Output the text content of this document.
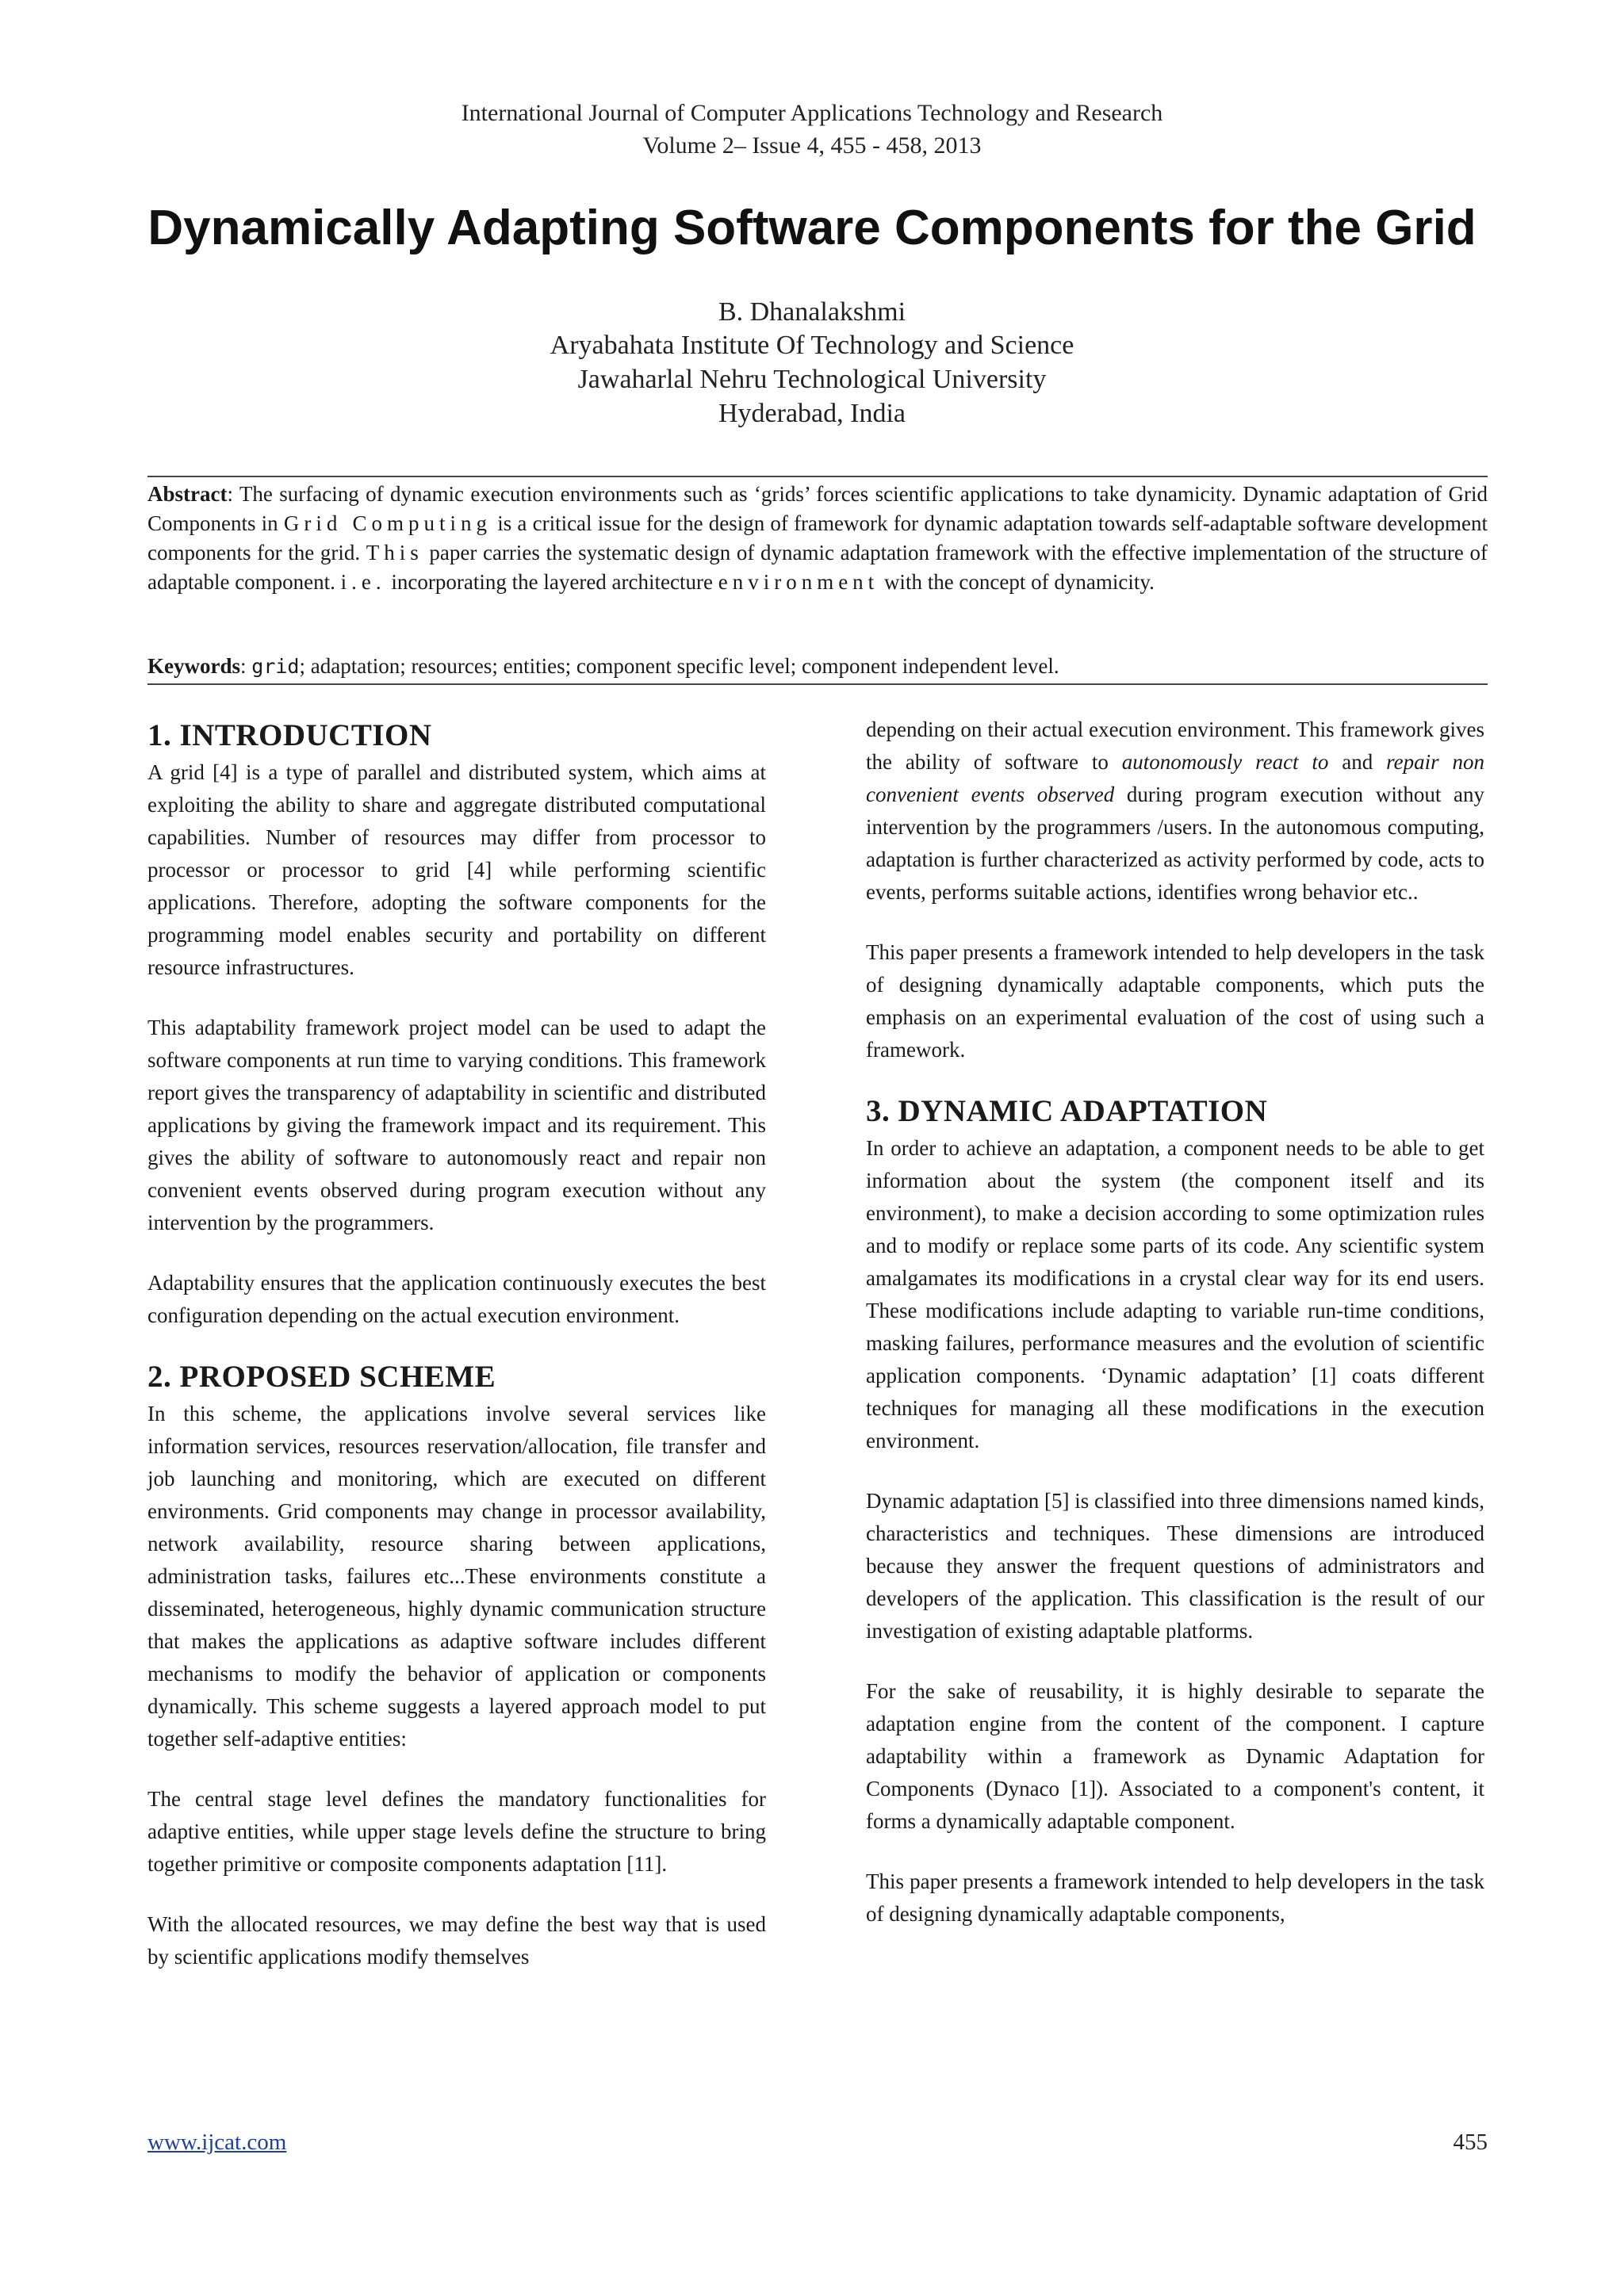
International Journal of Computer Applications Technology and Research
Volume 2– Issue 4, 455 - 458, 2013
Dynamically Adapting Software Components for the Grid
B. Dhanalakshmi
Aryabahata Institute Of Technology and Science
Jawaharlal Nehru Technological University
Hyderabad, India
Abstract: The surfacing of dynamic execution environments such as ‘grids’ forces scientific applications to take dynamicity. Dynamic adaptation of Grid Components in Grid Computing is a critical issue for the design of framework for dynamic adaptation towards self-adaptable software development components for the grid. This paper carries the systematic design of dynamic adaptation framework with the effective implementation of the structure of adaptable component. i.e. incorporating the layered architecture environment with the concept of dynamicity.
Keywords: grid; adaptation; resources; entities; component specific level; component independent level.
1. INTRODUCTION

A grid [4] is a type of parallel and distributed system, which aims at exploiting the ability to share and aggregate distributed computational capabilities. Number of resources may differ from processor to processor or processor to grid [4] while performing scientific applications. Therefore, adopting the software components for the programming model enables security and portability on different resource infrastructures.

This adaptability framework project model can be used to adapt the software components at run time to varying conditions. This framework report gives the transparency of adaptability in scientific and distributed applications by giving the framework impact and its requirement. This gives the ability of software to autonomously react and repair non convenient events observed during program execution without any intervention by the programmers.

Adaptability ensures that the application continuously executes the best configuration depending on the actual execution environment.

2. PROPOSED SCHEME

In this scheme, the applications involve several services like information services, resources reservation/allocation, file transfer and job launching and monitoring, which are executed on different environments. Grid components may change in processor availability, network availability, resource sharing between applications, administration tasks, failures etc...These environments constitute a disseminated, heterogeneous, highly dynamic communication structure that makes the applications as adaptive software includes different mechanisms to modify the behavior of application or components dynamically. This scheme suggests a layered approach model to put together self-adaptive entities:

The central stage level defines the mandatory functionalities for adaptive entities, while upper stage levels define the structure to bring together primitive or composite components adaptation [11].

With the allocated resources, we may define the best way that is used by scientific applications modify themselves

depending on their actual execution environment. This framework gives the ability of software to autonomously react to and repair non convenient events observed during program execution without any intervention by the programmers /users. In the autonomous computing, adaptation is further characterized as activity performed by code, acts to events, performs suitable actions, identifies wrong behavior etc..

This paper presents a framework intended to help developers in the task of designing dynamically adaptable components, which puts the emphasis on an experimental evaluation of the cost of using such a framework.

3. DYNAMIC ADAPTATION

In order to achieve an adaptation, a component needs to be able to get information about the system (the component itself and its environment), to make a decision according to some optimization rules and to modify or replace some parts of its code. Any scientific system amalgamates its modifications in a crystal clear way for its end users. These modifications include adapting to variable run-time conditions, masking failures, performance measures and the evolution of scientific application components. ‘Dynamic adaptation’ [1] coats different techniques for managing all these modifications in the execution environment.

Dynamic adaptation [5] is classified into three dimensions named kinds, characteristics and techniques. These dimensions are introduced because they answer the frequent questions of administrators and developers of the application. This classification is the result of our investigation of existing adaptable platforms.

For the sake of reusability, it is highly desirable to separate the adaptation engine from the content of the component. I capture adaptability within a framework as Dynamic Adaptation for Components (Dynaco [1]). Associated to a component's content, it forms a dynamically adaptable component.

This paper presents a framework intended to help developers in the task of designing dynamically adaptable components,

www.ijcat.com	455
